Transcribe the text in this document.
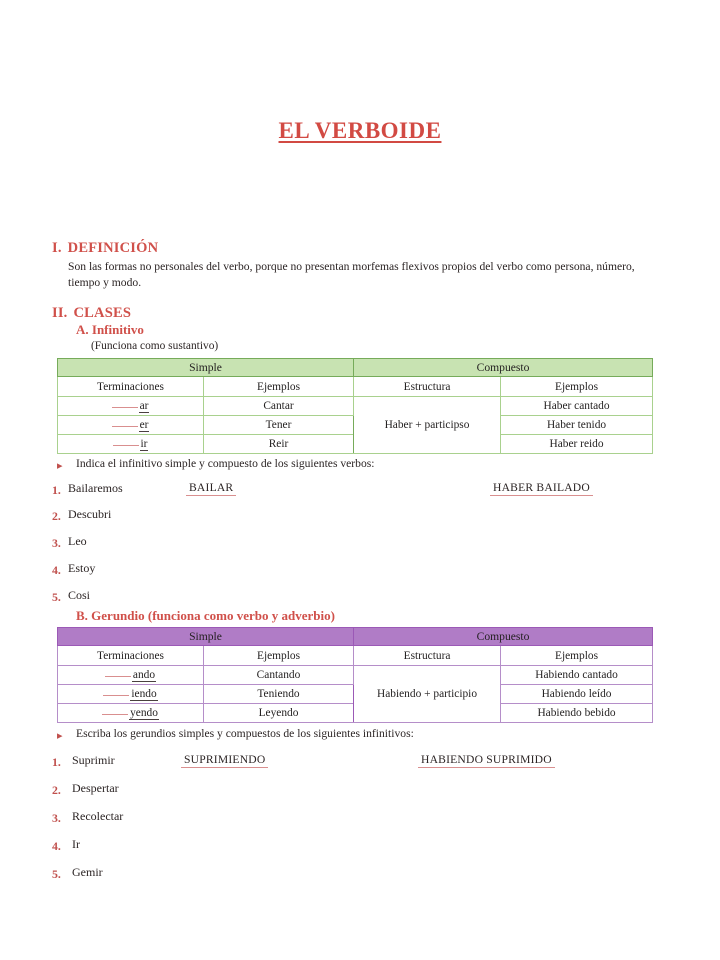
EL VERBOIDE
I. DEFINICIÓN
Son las formas no personales del verbo, porque no presentan morfemas flexivos propios del verbo como persona, número, tiempo y modo.
II. CLASES
A. Infinitivo
(Funciona como sustantivo)
Simple		Compuesto	
Terminaciones	Ejemplos	Estructura	Ejemplos
ar	Cantar	Haber + participso	Haber cantado
er	Tener		Haber tenido
ir	Reir		Haber reido
▸ Indica el infinitivo simple y compuesto de los siguientes verbos:
1. Bailaremos	BAILAR	HABER BAILADO
2. Descubri
3. Leo
4. Estoy
5. Cosi
B. Gerundio (funciona como verbo y adverbio)
Simple		Compuesto	
Terminaciones	Ejemplos	Estructura	Ejemplos
ando	Cantando	Habiendo + participio	Habiendo cantado
iendo	Teniendo		Habiendo leído
yendo	Leyendo		Habiendo bebido
▸ Escriba los gerundios simples y compuestos de los siguientes infinitivos:
1. Suprimir	SUPRIMIENDO	HABIENDO SUPRIMIDO
2. Despertar
3. Recolectar
4. Ir
5. Gemir
